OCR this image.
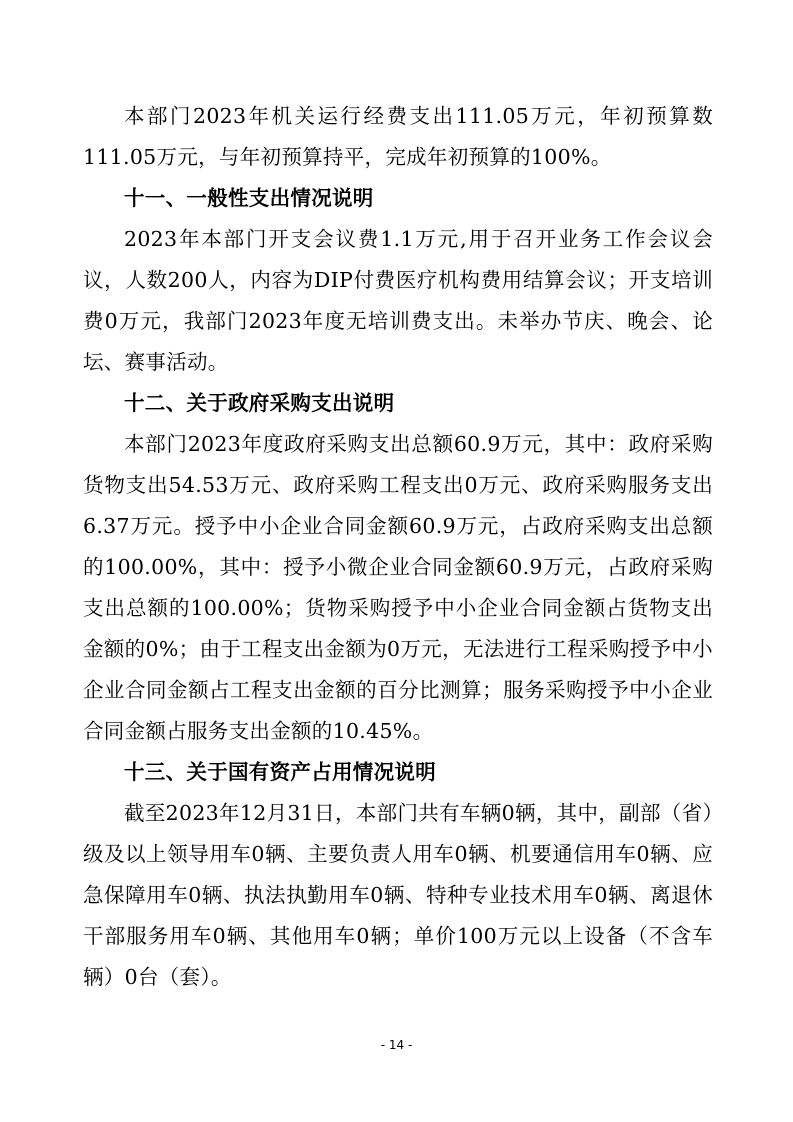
本部门2023年机关运行经费支出111.05万元，年初预算数111.05万元，与年初预算持平，完成年初预算的100%。

十一、一般性支出情况说明

2023年本部门开支会议费1.1万元,用于召开业务工作会议会议，人数200人，内容为DIP付费医疗机构费用结算会议；开支培训费0万元，我部门2023年度无培训费支出。未举办节庆、晚会、论坛、赛事活动。

十二、关于政府采购支出说明

本部门2023年度政府采购支出总额60.9万元，其中：政府采购货物支出54.53万元、政府采购工程支出0万元、政府采购服务支出6.37万元。授予中小企业合同金额60.9万元，占政府采购支出总额的100.00%，其中：授予小微企业合同金额60.9万元，占政府采购支出总额的100.00%；货物采购授予中小企业合同金额占货物支出金额的0%；由于工程支出金额为0万元，无法进行工程采购授予中小企业合同金额占工程支出金额的百分比测算；服务采购授予中小企业合同金额占服务支出金额的10.45%。

十三、关于国有资产占用情况说明

截至2023年12月31日，本部门共有车辆0辆，其中，副部（省）级及以上领导用车0辆、主要负责人用车0辆、机要通信用车0辆、应急保障用车0辆、执法执勤用车0辆、特种专业技术用车0辆、离退休干部服务用车0辆、其他用车0辆；单价100万元以上设备（不含车辆）0台（套）。

- 14 -
